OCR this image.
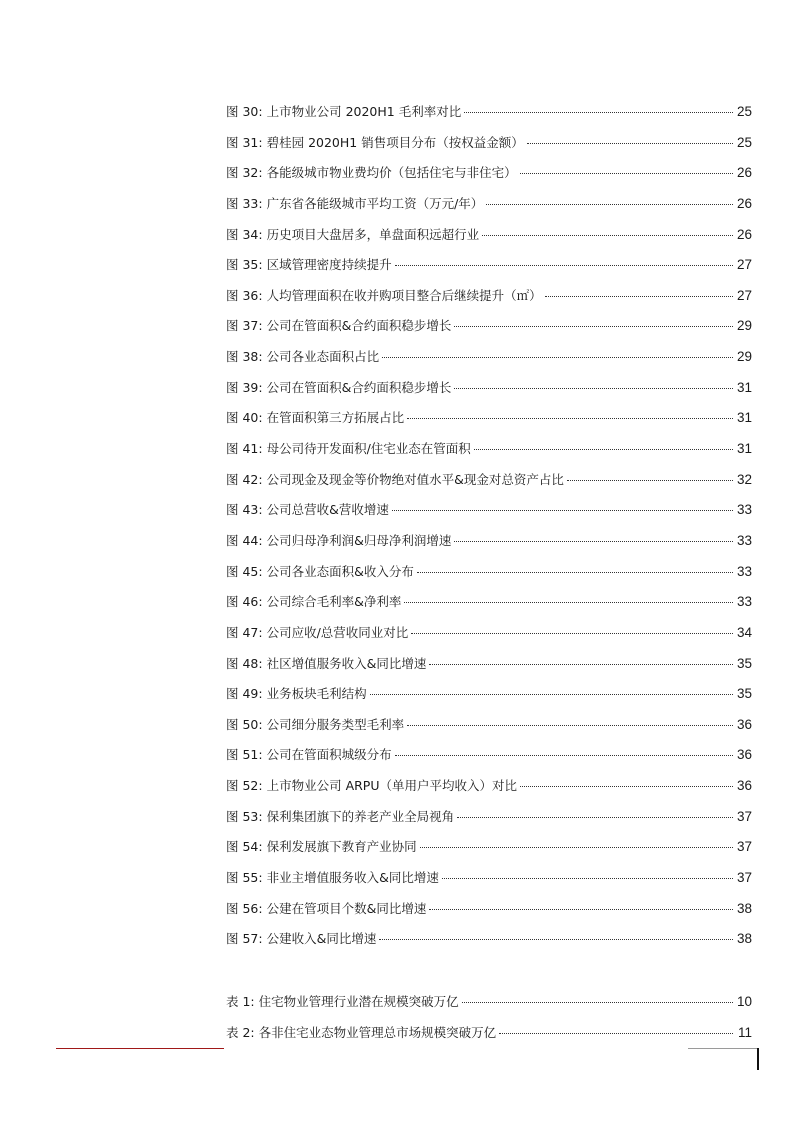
图 30: 上市物业公司 2020H1 毛利率对比	25
图 31: 碧桂园 2020H1 销售项目分布（按权益金额）	25
图 32: 各能级城市物业费均价（包括住宅与非住宅）	26
图 33: 广东省各能级城市平均工资（万元/年）	26
图 34: 历史项目大盘居多，单盘面积远超行业	26
图 35: 区域管理密度持续提升	27
图 36: 人均管理面积在收并购项目整合后继续提升（㎡）	27
图 37: 公司在管面积&合约面积稳步增长	29
图 38: 公司各业态面积占比	29
图 39: 公司在管面积&合约面积稳步增长	31
图 40: 在管面积第三方拓展占比	31
图 41: 母公司待开发面积/住宅业态在管面积	31
图 42: 公司现金及现金等价物绝对值水平&现金对总资产占比	32
图 43: 公司总营收&营收增速	33
图 44: 公司归母净利润&归母净利润增速	33
图 45: 公司各业态面积&收入分布	33
图 46: 公司综合毛利率&净利率	33
图 47: 公司应收/总营收同业对比	34
图 48: 社区增值服务收入&同比增速	35
图 49: 业务板块毛利结构	35
图 50: 公司细分服务类型毛利率	36
图 51: 公司在管面积城级分布	36
图 52: 上市物业公司 ARPU（单用户平均收入）对比	36
图 53: 保利集团旗下的养老产业全局视角	37
图 54: 保利发展旗下教育产业协同	37
图 55: 非业主增值服务收入&同比增速	37
图 56: 公建在管项目个数&同比增速	38
图 57: 公建收入&同比增速	38
表 1: 住宅物业管理行业潜在规模突破万亿	10
表 2: 各非住宅业态物业管理总市场规模突破万亿	11
